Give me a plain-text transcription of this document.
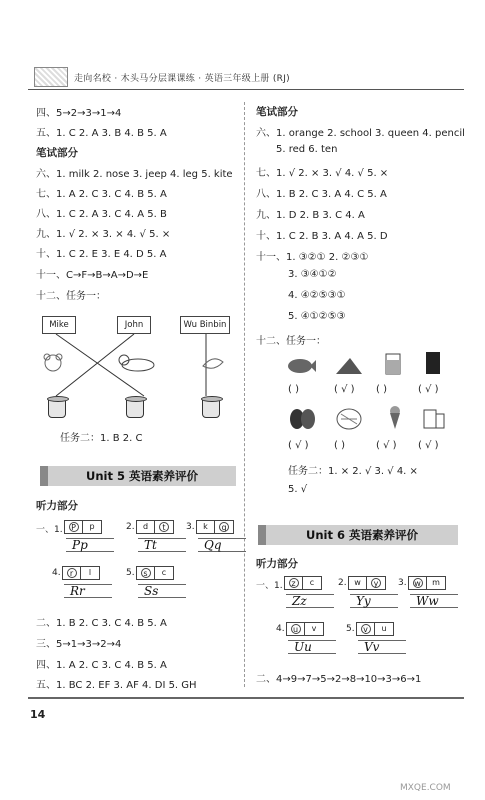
走向名校 · 木头马分层课课练 · 英语三年级上册 (RJ)
四、5→2→3→1→4
五、1. C 2. A 3. B 4. B 5. A
笔试部分
六、1. milk 2. nose 3. jeep 4. leg 5. kite
七、1. A 2. C 3. C 4. B 5. A
八、1. C 2. A 3. C 4. A 5. B
九、1. √ 2. × 3. × 4. √ 5. ×
十、1. C 2. E 3. E 4. D 5. A
十一、C→F→B→A→D→E
十二、任务一：
Mike	John	Wu Binbin
任务二：1. B 2. C
Unit 5 英语素养评价
听力部分
一、1.	P	p
Pp
2.	d	t
Tt
3.	k	q
Qq
4.	r	l
Rr
5.	s	c
Ss
二、1. B 2. C 3. C 4. B 5. A
三、5→1→3→2→4
四、1. A 2. C 3. C 4. B 5. A
五、1. BC 2. EF 3. AF 4. DI 5. GH
笔试部分
六、1. orange 2. school 3. queen 4. pencil
5. red 6. ten
七、1. √ 2. × 3. √ 4. √ 5. ×
八、1. B 2. C 3. A 4. C 5. A
九、1. D 2. B 3. C 4. A
十、1. C 2. B 3. A 4. A 5. D
十一、1. ③②① 2. ②③①
3. ③④①②
4. ④②⑤③①
5. ④①②⑤③
十二、任务一：
( )	( √ ) ( )	( √ )
( √ )	( )	( √ ) ( √ )
任务二：1. × 2. √ 3. √ 4. ×
5. √
Unit 6 英语素养评价
听力部分
一、1.	z	c
Zz
2. w	y
Yy
3. w	m
Ww
4.	u	v
Uu
5.	v	u
Vv
二、4→9→7→5→2→8→10→3→6→1
14
MXQE.COM
